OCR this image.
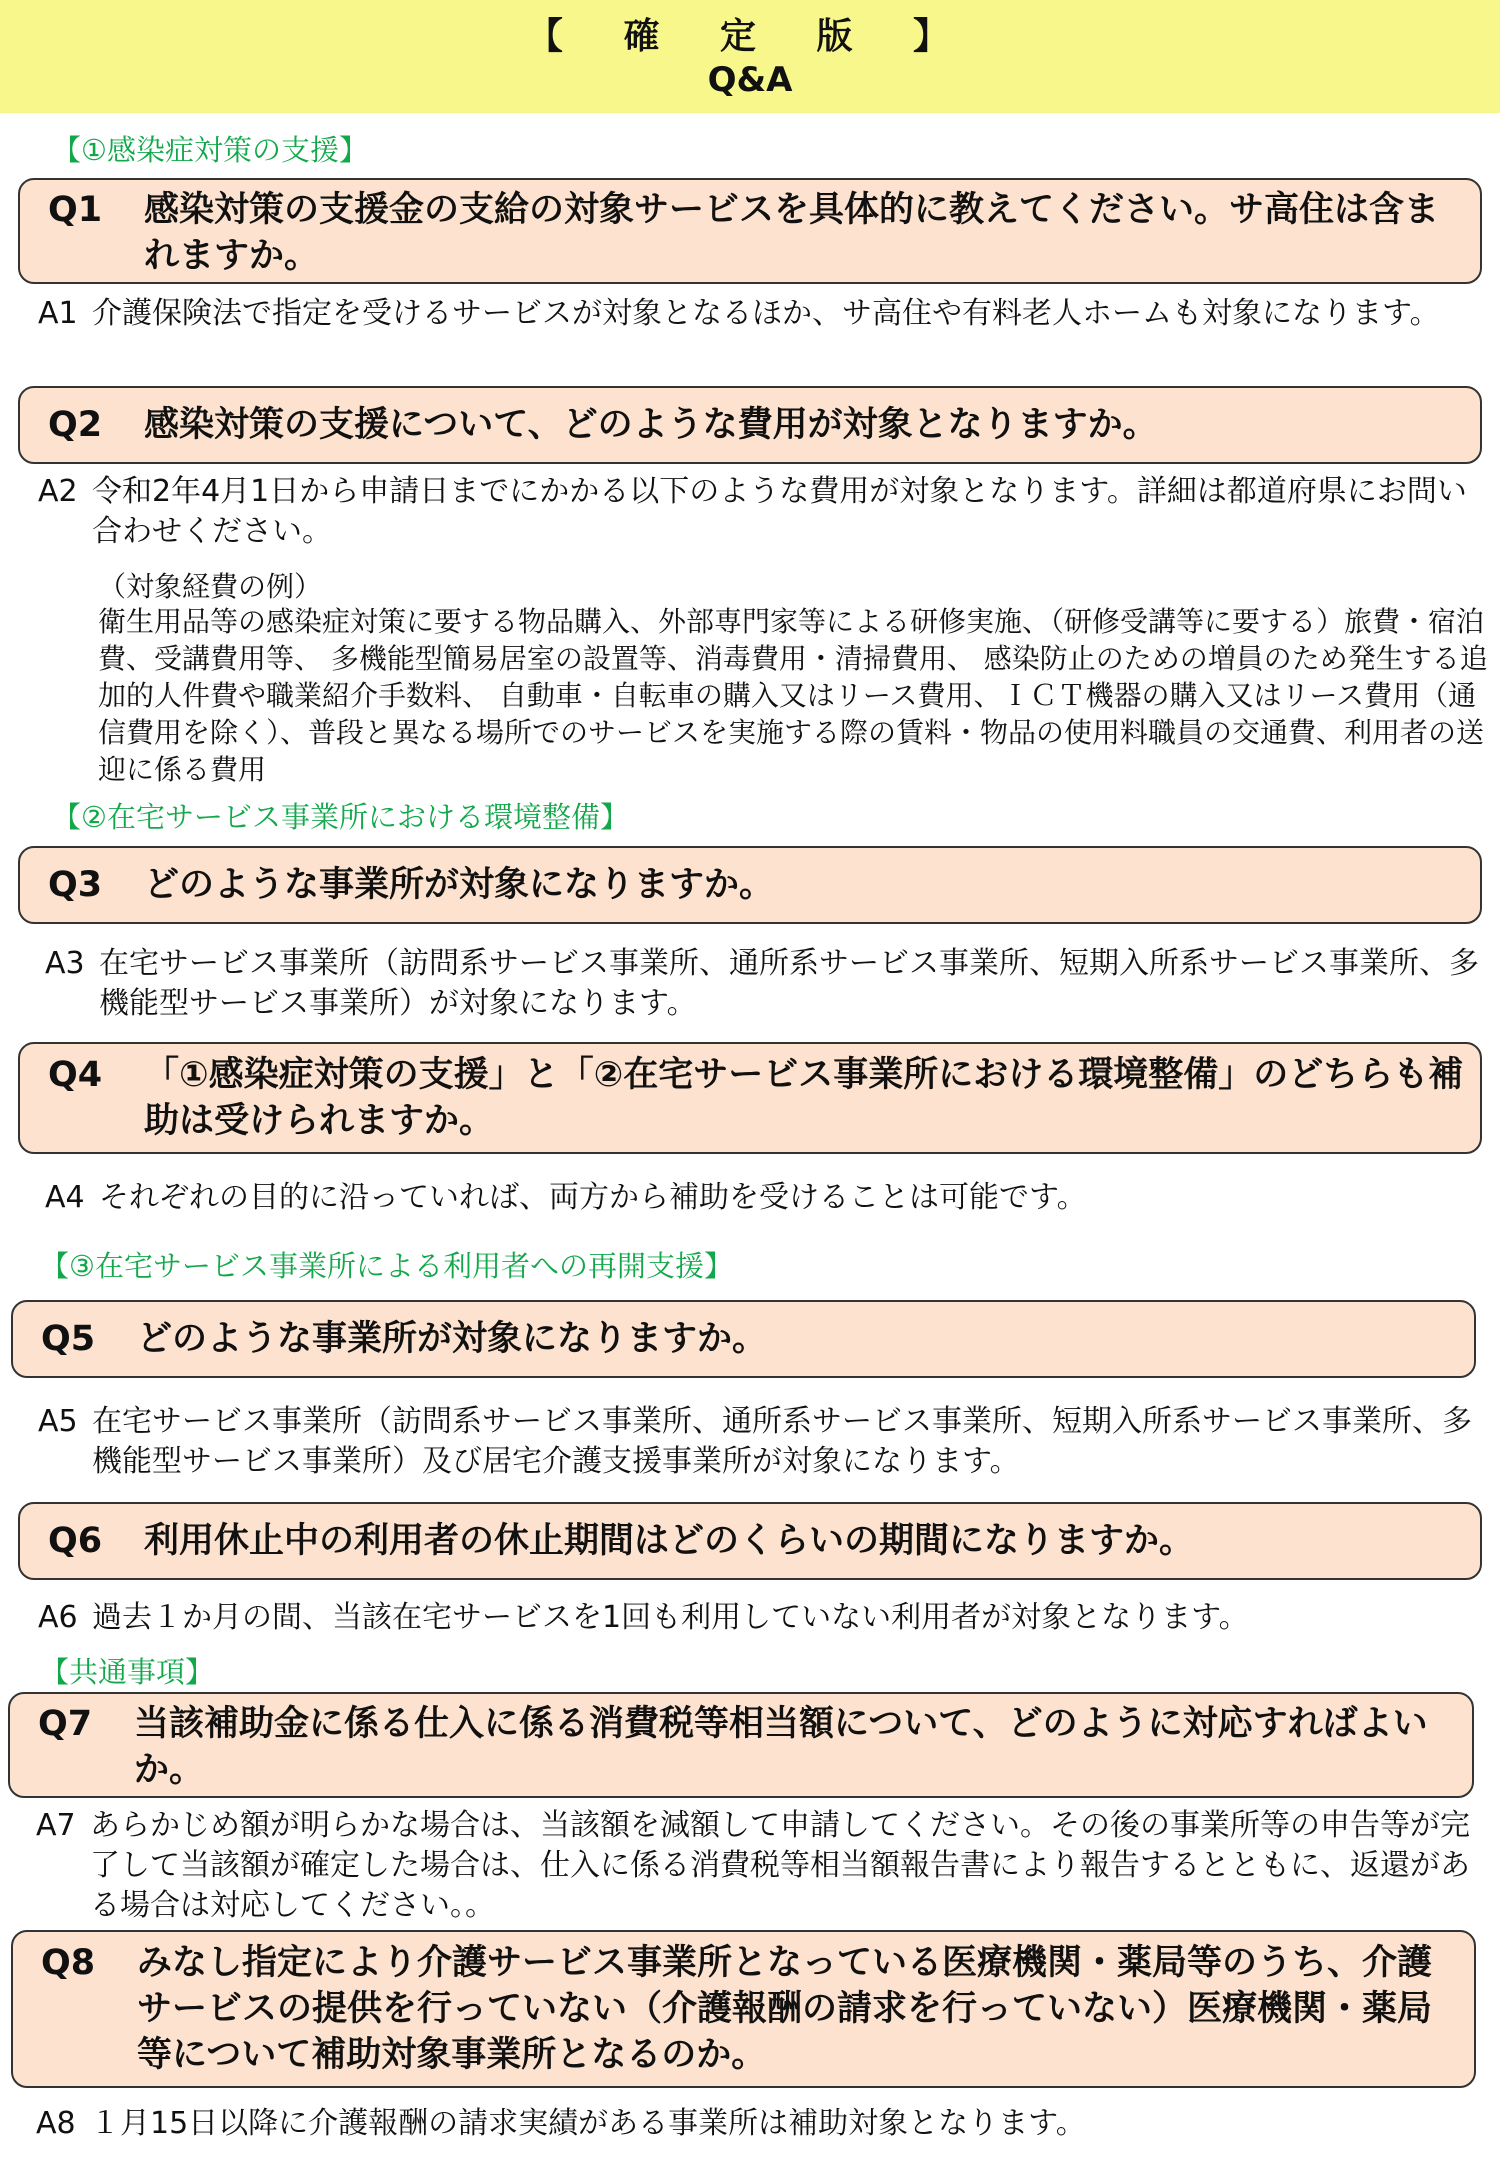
【 確 定 版 】
Q&A
【①感染症対策の支援】
Q1	感染対策の支援金の支給の対象サービスを具体的に教えてください。サ高住は含まれますか。
A1 介護保険法で指定を受けるサービスが対象となるほか、サ高住や有料老人ホームも対象になります。
Q2	感染対策の支援について、どのような費用が対象となりますか。
A2 令和2年4月1日から申請日までにかかる以下のような費用が対象となります。詳細は都道府県にお問い合わせください。
（対象経費の例）
衛生用品等の感染症対策に要する物品購入、外部専門家等による研修実施、（研修受講等に要する）旅費・宿泊費、受講費用等、 多機能型簡易居室の設置等、消毒費用・清掃費用、 感染防止のための増員のため発生する追加的人件費や職業紹介手数料、 自動車・自転車の購入又はリース費用、ＩＣＴ機器の購入又はリース費用（通信費用を除く）、普段と異なる場所でのサービスを実施する際の賃料・物品の使用料職員の交通費、利用者の送迎に係る費用
【②在宅サービス事業所における環境整備】
Q3	どのような事業所が対象になりますか。
A3 在宅サービス事業所（訪問系サービス事業所、通所系サービス事業所、短期入所系サービス事業所、多機能型サービス事業所）が対象になります。
Q4	「①感染症対策の支援」と「②在宅サービス事業所における環境整備」のどちらも補助は受けられますか。
A4 それぞれの目的に沿っていれば、両方から補助を受けることは可能です。
【③在宅サービス事業所による利用者への再開支援】
Q5	どのような事業所が対象になりますか。
A5 在宅サービス事業所（訪問系サービス事業所、通所系サービス事業所、短期入所系サービス事業所、多機能型サービス事業所）及び居宅介護支援事業所が対象になります。
Q6	利用休止中の利用者の休止期間はどのくらいの期間になりますか。
A6 過去１か月の間、当該在宅サービスを1回も利用していない利用者が対象となります。
【共通事項】
Q7	当該補助金に係る仕入に係る消費税等相当額について、どのように対応すればよいか。
A7 あらかじめ額が明らかな場合は、当該額を減額して申請してください。その後の事業所等の申告等が完了して当該額が確定した場合は、仕入に係る消費税等相当額報告書により報告するとともに、返還がある場合は対応してください。。
Q8	みなし指定により介護サービス事業所となっている医療機関・薬局等のうち、介護サービスの提供を行っていない（介護報酬の請求を行っていない）医療機関・薬局等について補助対象事業所となるのか。
A8 １月15日以降に介護報酬の請求実績がある事業所は補助対象となります。
